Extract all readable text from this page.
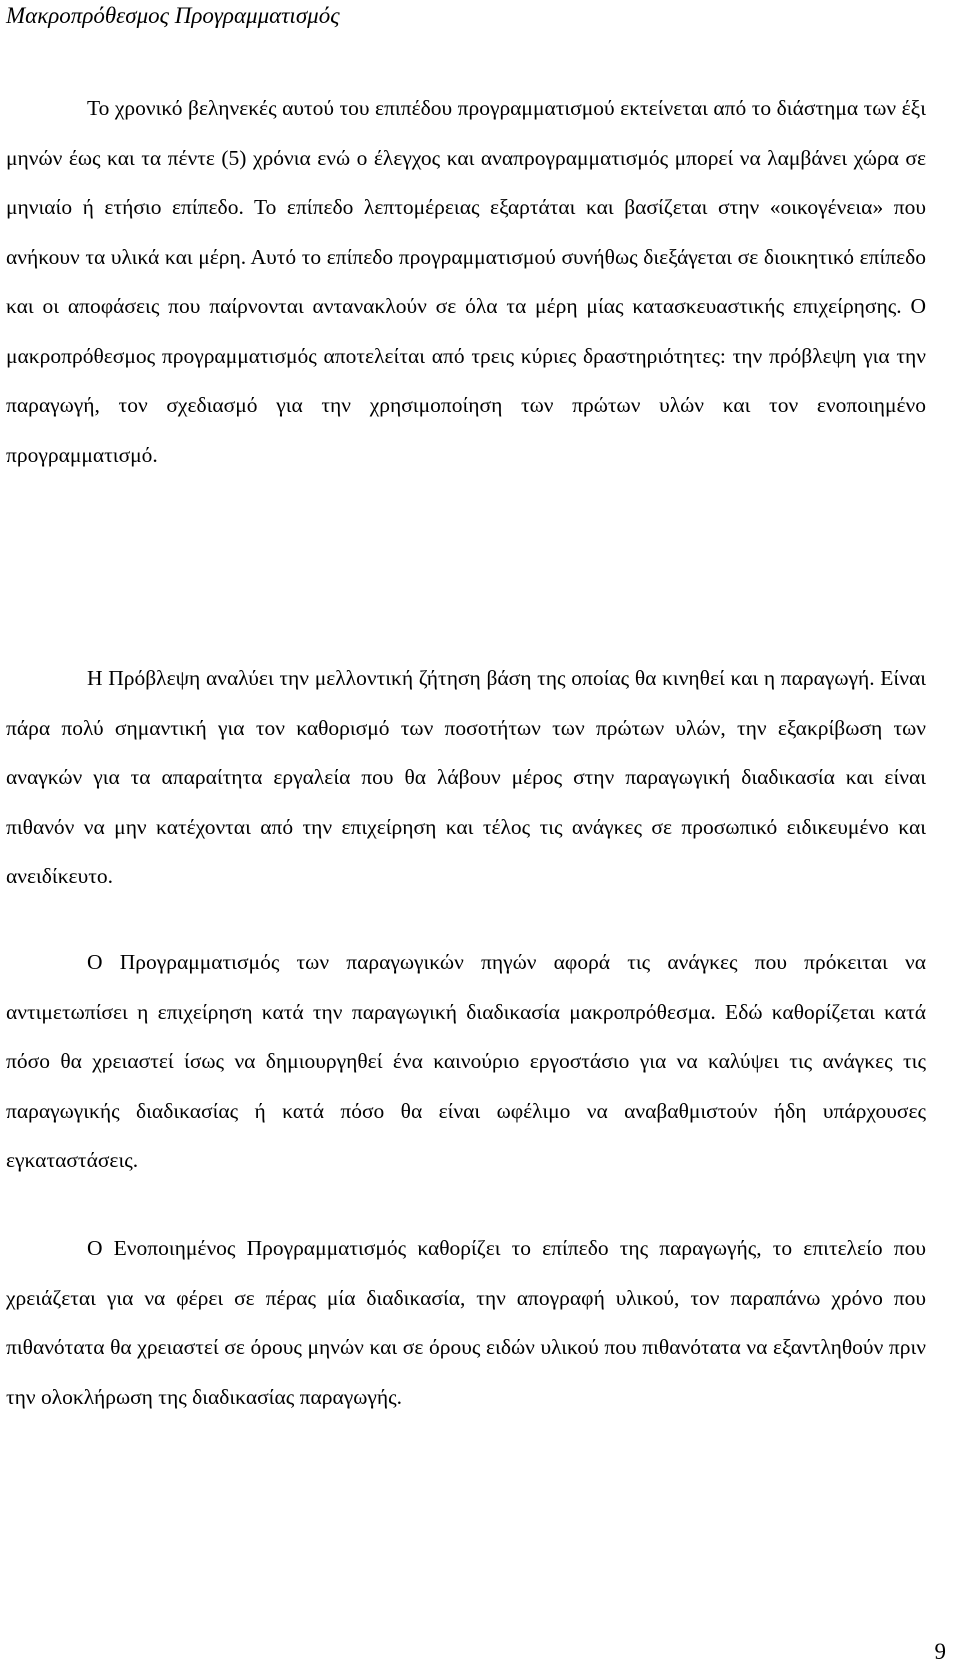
Μακροπρόθεσμος Προγραμματισμός

Το χρονικό βεληνεκές αυτού του επιπέδου προγραμματισμού εκτείνεται από το διάστημα των έξι μηνών έως και τα πέντε (5) χρόνια ενώ ο έλεγχος και αναπρογραμματισμός μπορεί να λαμβάνει χώρα σε μηνιαίο ή ετήσιο επίπεδο. Το επίπεδο λεπτομέρειας εξαρτάται και βασίζεται στην «οικογένεια» που ανήκουν τα υλικά και μέρη. Αυτό το επίπεδο προγραμματισμού συνήθως διεξάγεται σε διοικητικό επίπεδο και οι αποφάσεις που παίρνονται αντανακλούν σε όλα τα μέρη μίας κατασκευαστικής επιχείρησης. Ο μακροπρόθεσμος προγραμματισμός αποτελείται από τρεις κύριες δραστηριότητες: την πρόβλεψη για την παραγωγή, τον σχεδιασμό για την χρησιμοποίηση των πρώτων υλών και τον ενοποιημένο προγραμματισμό.

Η Πρόβλεψη αναλύει την μελλοντική ζήτηση βάση της οποίας θα κινηθεί και η παραγωγή. Είναι πάρα πολύ σημαντική για τον καθορισμό των ποσοτήτων των πρώτων υλών, την εξακρίβωση των αναγκών για τα απαραίτητα εργαλεία που θα λάβουν μέρος στην παραγωγική διαδικασία και είναι πιθανόν να μην κατέχονται από την επιχείρηση και τέλος τις ανάγκες σε προσωπικό ειδικευμένο και ανειδίκευτο.

Ο Προγραμματισμός των παραγωγικών πηγών αφορά τις ανάγκες που πρόκειται να αντιμετωπίσει η επιχείρηση κατά την παραγωγική διαδικασία μακροπρόθεσμα. Εδώ καθορίζεται κατά πόσο θα χρειαστεί ίσως να δημιουργηθεί ένα καινούριο εργοστάσιο για να καλύψει τις ανάγκες τις παραγωγικής διαδικασίας ή κατά πόσο θα είναι ωφέλιμο να αναβαθμιστούν ήδη υπάρχουσες εγκαταστάσεις.

Ο Ενοποιημένος Προγραμματισμός καθορίζει το επίπεδο της παραγωγής, το επιτελείο που χρειάζεται για να φέρει σε πέρας μία διαδικασία, την απογραφή υλικού, τον παραπάνω χρόνο που πιθανότατα θα χρειαστεί σε όρους μηνών και σε όρους ειδών υλικού που πιθανότατα να εξαντληθούν πριν την ολοκλήρωση της διαδικασίας παραγωγής.

9
